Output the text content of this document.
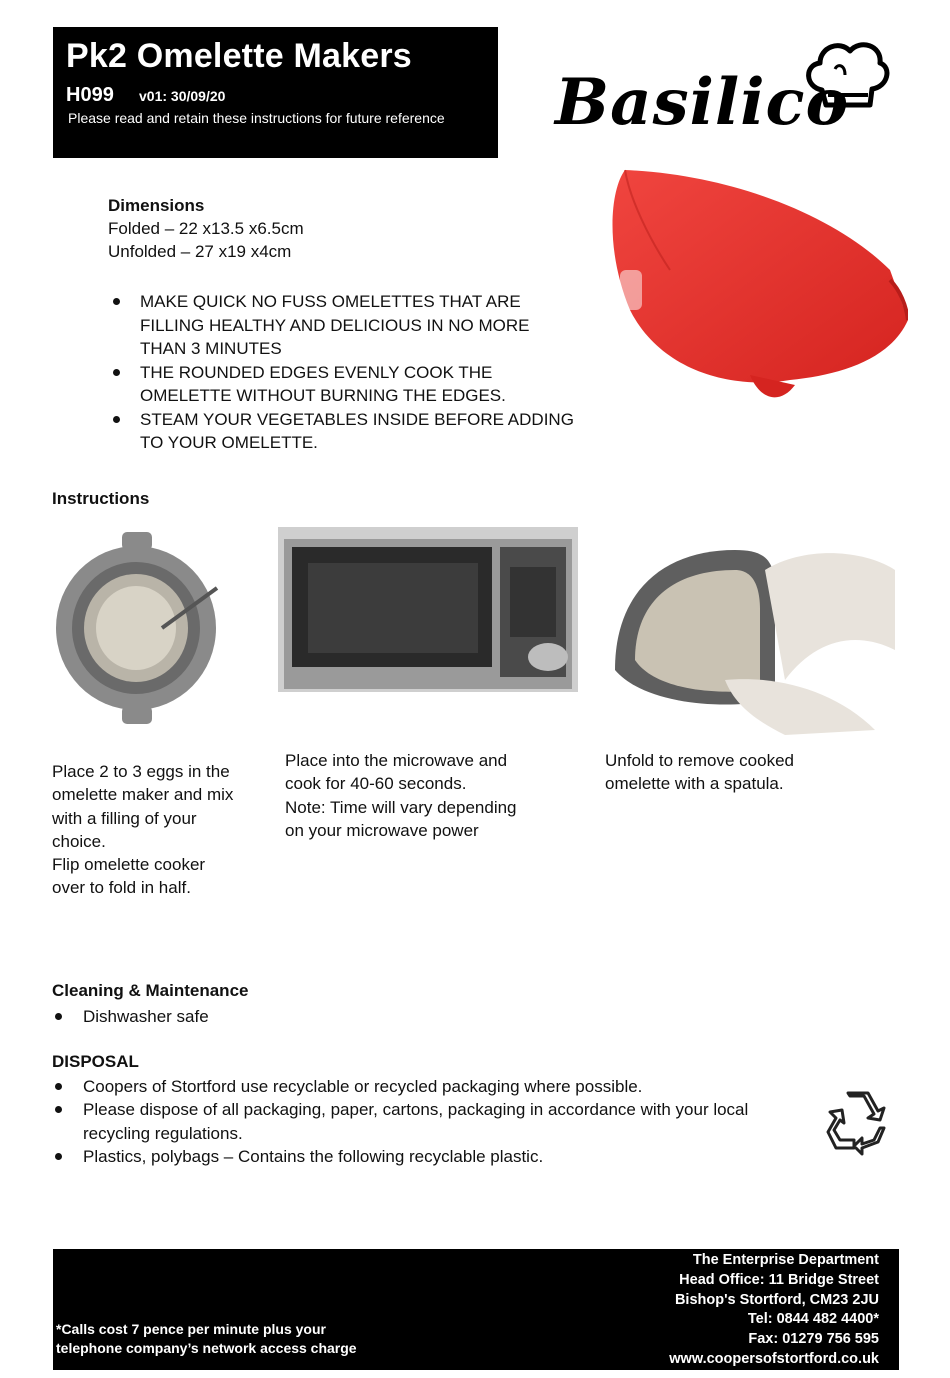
Pk2 Omelette Makers
H099 v01: 30/09/20
Please read and retain these instructions for future reference Basilico
Dimensions
Folded – 22 x13.5 x6.5cm
Unfolded – 27 x19 x4cm
MAKE QUICK NO FUSS OMELETTES THAT ARE FILLING HEALTHY AND DELICIOUS IN NO MORE THAN 3 MINUTES
THE ROUNDED EDGES EVENLY COOK THE OMELETTE WITHOUT BURNING THE EDGES.
STEAM YOUR VEGETABLES INSIDE BEFORE ADDING TO YOUR OMELETTE.
Instructions
Place 2 to 3 eggs in the omelette maker and mix with a filling of your choice.
Flip omelette cooker over to fold in half.
Place into the microwave and cook for 40-60 seconds.
Note: Time will vary depending on your microwave power
Unfold to remove cooked omelette with a spatula.
Cleaning & Maintenance
Dishwasher safe
DISPOSAL
Coopers of Stortford use recyclable or recycled packaging where possible.
Please dispose of all packaging, paper, cartons, packaging in accordance with your local recycling regulations.
Plastics, polybags – Contains the following recyclable plastic.
*Calls cost 7 pence per minute plus your
telephone company’s network access charge
The Enterprise Department
Head Office: 11 Bridge Street
Bishop's Stortford, CM23 2JU
Tel: 0844 482 4400*
Fax: 01279 756 595
www.coopersofstortford.co.uk
